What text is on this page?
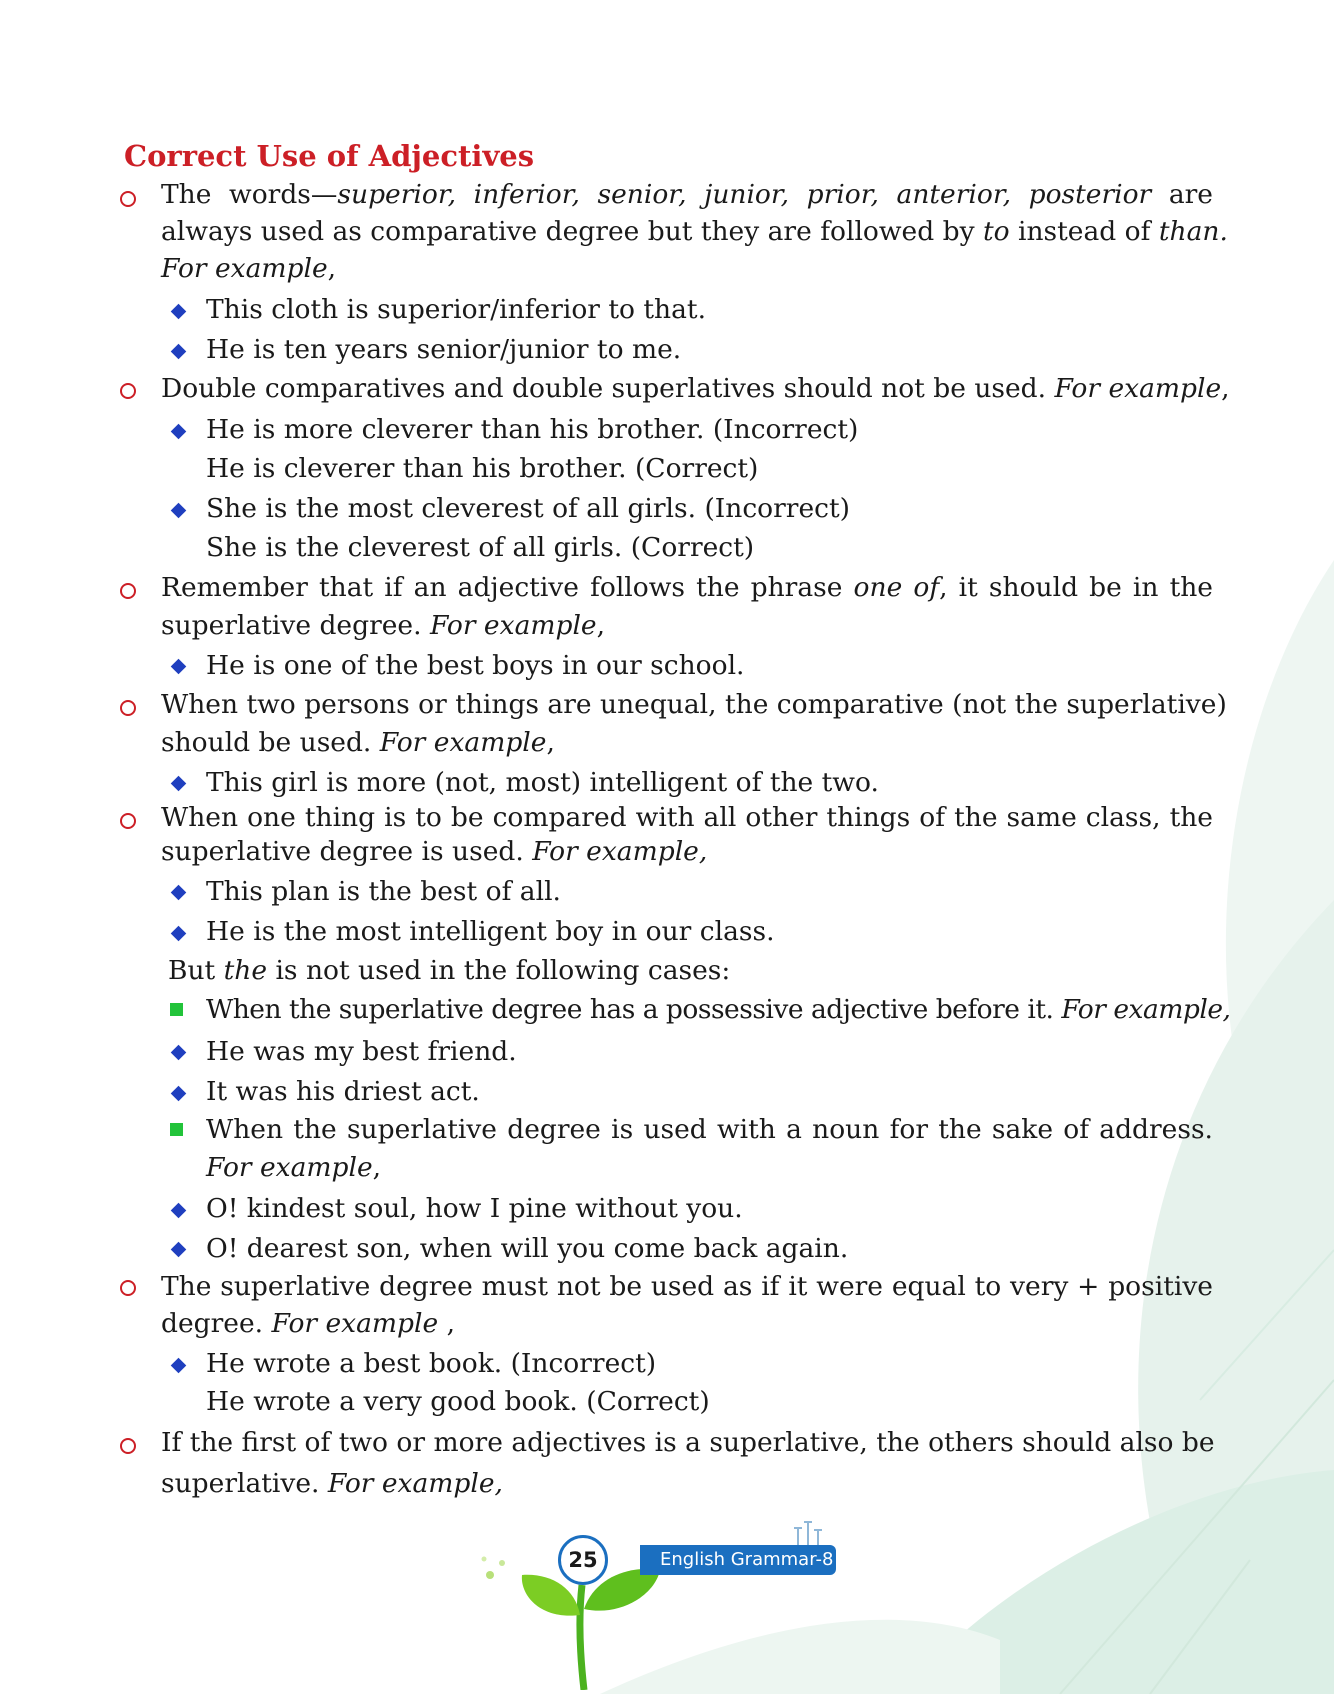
Correct Use of Adjectives
The words—superior, inferior, senior, junior, prior, anterior, posterior are
always used as comparative degree but they are followed by to instead of than.
For example,
This cloth is superior/inferior to that.
He is ten years senior/junior to me.
Double comparatives and double superlatives should not be used. For example,
He is more cleverer than his brother. (Incorrect)
He is cleverer than his brother. (Correct)
She is the most cleverest of all girls. (Incorrect)
She is the cleverest of all girls. (Correct)
Remember that if an adjective follows the phrase one of, it should be in the
superlative degree. For example,
He is one of the best boys in our school.
When two persons or things are unequal, the comparative (not the superlative)
should be used. For example,
This girl is more (not, most) intelligent of the two.
When one thing is to be compared with all other things of the same class, the
superlative degree is used. For example,
This plan is the best of all.
He is the most intelligent boy in our class.
But the is not used in the following cases:
When the superlative degree has a possessive adjective before it. For example,
He was my best friend.
It was his driest act.
When the superlative degree is used with a noun for the sake of address.
For example,
O! kindest soul, how I pine without you.
O! dearest son, when will you come back again.
The superlative degree must not be used as if it were equal to very + positive
degree. For example ,
He wrote a best book. (Incorrect)
He wrote a very good book. (Correct)
If the first of two or more adjectives is a superlative, the others should also be
superlative. For example,
English Grammar-8
25
